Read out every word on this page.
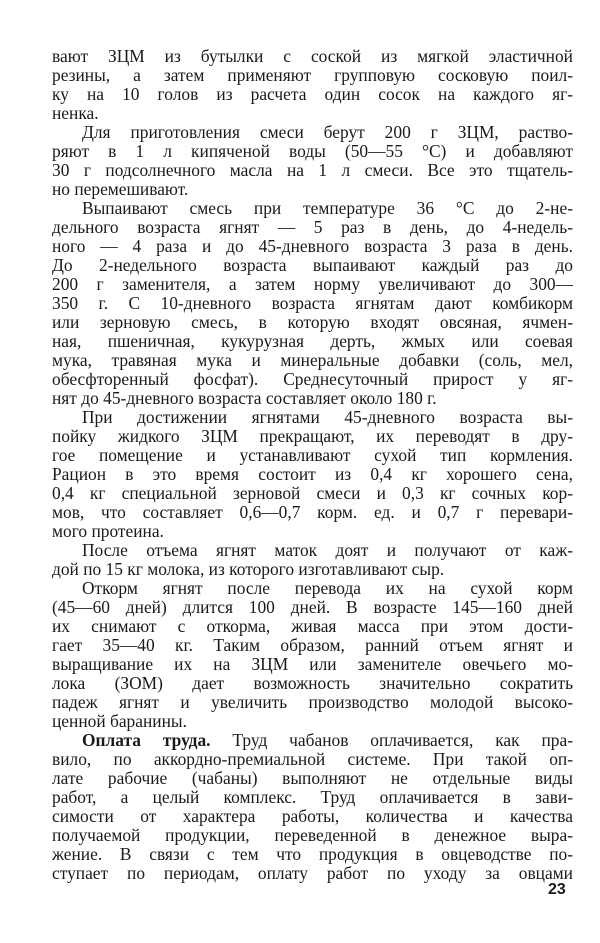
вают ЗЦМ из бутылки с соской из мягкой эластичной
резины, а затем применяют групповую сосковую поил-
ку на 10 голов из расчета один сосок на каждого яг-
ненка.
Для приготовления смеси берут 200 г ЗЦМ, раство-
ряют в 1 л кипяченой воды (50—55 °С) и добавляют
30 г подсолнечного масла на 1 л смеси. Все это тщатель-
но перемешивают.
Выпаивают смесь при температуре 36 °С до 2-не-
дельного возраста ягнят — 5 раз в день, до 4-недель-
ного — 4 раза и до 45-дневного возраста 3 раза в день.
До 2-недельного возраста выпаивают каждый раз до
200 г заменителя, а затем норму увеличивают до 300—
350 г. С 10-дневного возраста ягнятам дают комбикорм
или зерновую смесь, в которую входят овсяная, ячмен-
ная, пшеничная, кукурузная дерть, жмых или соевая
мука, травяная мука и минеральные добавки (соль, мел,
обесфторенный фосфат). Среднесуточный прирост у яг-
нят до 45-дневного возраста составляет около 180 г.
При достижении ягнятами 45-дневного возраста вы-
пойку жидкого ЗЦМ прекращают, их переводят в дру-
гое помещение и устанавливают сухой тип кормления.
Рацион в это время состоит из 0,4 кг хорошего сена,
0,4 кг специальной зерновой смеси и 0,3 кг сочных кор-
мов, что составляет 0,6—0,7 корм. ед. и 0,7 г перевари-
мого протеина.
После отъема ягнят маток доят и получают от каж-
дой по 15 кг молока, из которого изготавливают сыр.
Откорм ягнят после перевода их на сухой корм
(45—60 дней) длится 100 дней. В возрасте 145—160 дней
их снимают с откорма, живая масса при этом дости-
гает 35—40 кг. Таким образом, ранний отъем ягнят и
выращивание их на ЗЦМ или заменителе овечьего мо-
лока (ЗОМ) дает возможность значительно сократить
падеж ягнят и увеличить производство молодой высоко-
ценной баранины.
Оплата труда. Труд чабанов оплачивается, как пра-
вило, по аккордно-премиальной системе. При такой оп-
лате рабочие (чабаны) выполняют не отдельные виды
работ, а целый комплекс. Труд оплачивается в зави-
симости от характера работы, количества и качества
получаемой продукции, переведенной в денежное выра-
жение. В связи с тем что продукция в овцеводстве по-
ступает по периодам, оплату работ по уходу за овцами
23
